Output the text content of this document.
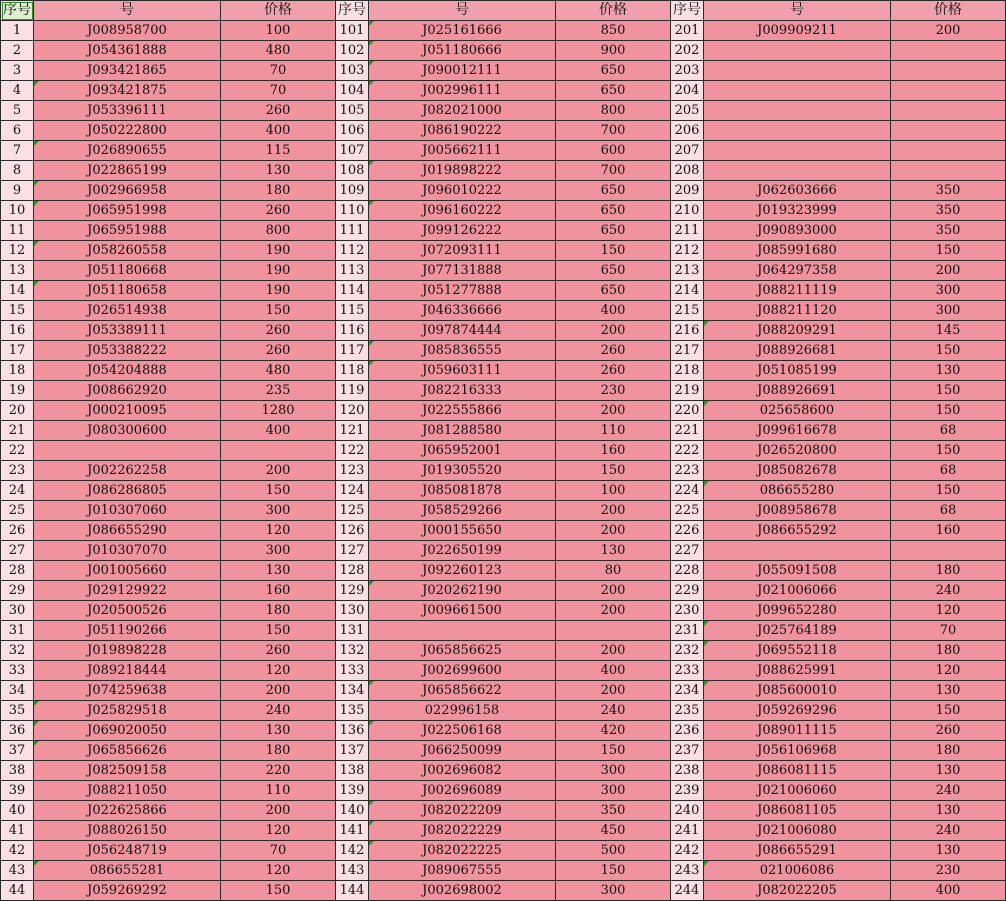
序号	号	价格	序号	号	价格	序号	号	价格
1	J008958700	100	101	J025161666	850	201	J009909211	200
2	J054361888	480	102	J051180666	900	202		
3	J093421865	70	103	J090012111	650	203		
4	J093421875	70	104	J002996111	650	204		
5	J053396111	260	105	J082021000	800	205		
6	J050222800	400	106	J086190222	700	206		
7	J026890655	115	107	J005662111	600	207		
8	J022865199	130	108	J019898222	700	208		
9	J002966958	180	109	J096010222	650	209	J062603666	350
10	J065951998	260	110	J096160222	650	210	J019323999	350
11	J065951988	800	111	J099126222	650	211	J090893000	350
12	J058260558	190	112	J072093111	150	212	J085991680	150
13	J051180668	190	113	J077131888	650	213	J064297358	200
14	J051180658	190	114	J051277888	650	214	J088211119	300
15	J026514938	150	115	J046336666	400	215	J088211120	300
16	J053389111	260	116	J097874444	200	216	J088209291	145
17	J053388222	260	117	J085836555	260	217	J088926681	150
18	J054204888	480	118	J059603111	260	218	J051085199	130
19	J008662920	235	119	J082216333	230	219	J088926691	150
20	J000210095	1280	120	J022555866	200	220	025658600	150
21	J080300600	400	121	J081288580	110	221	J099616678	68
22			122	J065952001	160	222	J026520800	150
23	J002262258	200	123	J019305520	150	223	J085082678	68
24	J086286805	150	124	J085081878	100	224	086655280	150
25	J010307060	300	125	J058529266	200	225	J008958678	68
26	J086655290	120	126	J000155650	200	226	J086655292	160
27	J010307070	300	127	J022650199	130	227		
28	J001005660	130	128	J092260123	80	228	J055091508	180
29	J029129922	160	129	J020262190	200	229	J021006066	240
30	J020500526	180	130	J009661500	200	230	J099652280	120
31	J051190266	150	131			231	J025764189	70
32	J019898228	260	132	J065856625	200	232	J069552118	180
33	J089218444	120	133	J002699600	400	233	J088625991	120
34	J074259638	200	134	J065856622	200	234	J085600010	130
35	J025829518	240	135	022996158	240	235	J059269296	150
36	J069020050	130	136	J022506168	420	236	J089011115	260
37	J065856626	180	137	J066250099	150	237	J056106968	180
38	J082509158	220	138	J002696082	300	238	J086081115	130
39	J088211050	110	139	J002696089	300	239	J021006060	240
40	J022625866	200	140	J082022209	350	240	J086081105	130
41	J088026150	120	141	J082022229	450	241	J021006080	240
42	J056248719	70	142	J082022225	500	242	J086655291	130
43	086655281	120	143	J089067555	150	243	021006086	230
44	J059269292	150	144	J002698002	300	244	J082022205	400
